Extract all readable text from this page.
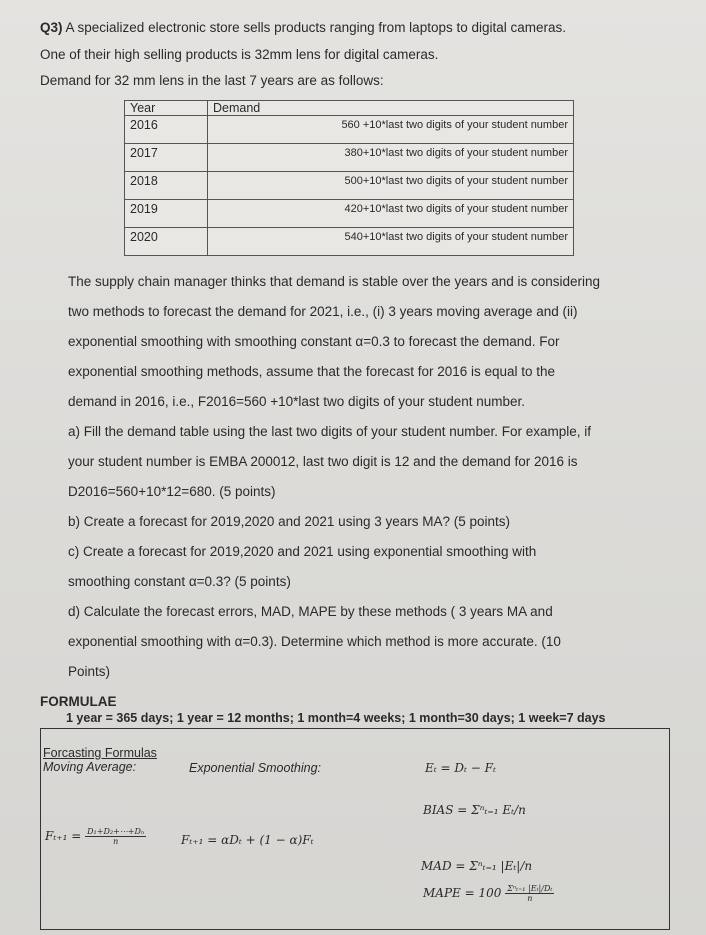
Q3) A specialized electronic store sells products ranging from laptops to digital cameras.
One of their high selling products is 32mm lens for digital cameras.
Demand for 32 mm lens in the last 7 years are as follows:
Year	Demand
2016	560 +10*last two digits of your student number
2017	380+10*last two digits of your student number
2018	500+10*last two digits of your student number
2019	420+10*last two digits of your student number
2020	540+10*last two digits of your student number
The supply chain manager thinks that demand is stable over the years and is considering
two methods to forecast the demand for 2021, i.e., (i) 3 years moving average and (ii)
exponential smoothing with smoothing constant α=0.3 to forecast the demand. For
exponential smoothing methods, assume that the forecast for 2016 is equal to the
demand in 2016, i.e., F2016=560 +10*last two digits of your student number.
a) Fill the demand table using the last two digits of your student number. For example, if
your student number is EMBA 200012, last two digit is 12 and the demand for 2016 is
D2016=560+10*12=680. (5 points)
b) Create a forecast for 2019,2020 and 2021 using 3 years MA? (5 points)
c) Create a forecast for 2019,2020 and 2021 using exponential smoothing with
smoothing constant α=0.3? (5 points)
d) Calculate the forecast errors, MAD, MAPE by these methods ( 3 years MA and
exponential smoothing with α=0.3). Determine which method is more accurate. (10
Points)
FORMULAE
1 year = 365 days; 1 year = 12 months; 1 month=4 weeks; 1 month=30 days; 1 week=7 days
Forcasting Formulas
Moving Average:	Exponential Smoothing:	Eₜ = Dₜ − Fₜ
BIAS = Σⁿₜ₌₁ Eₜ/n
$F_{t+1} = \frac{\text{D₁+D₂+⋯+Dₙ}}{n}$	Fₜ₊₁ = αDₜ + (1 − α)Fₜ
MAD = Σⁿₜ₌₁ |Eₜ|/n
MAPE = $100 \frac{\text{Σⁿₜ₌₁ |Eₜ|/Dₜ}}{n}$
